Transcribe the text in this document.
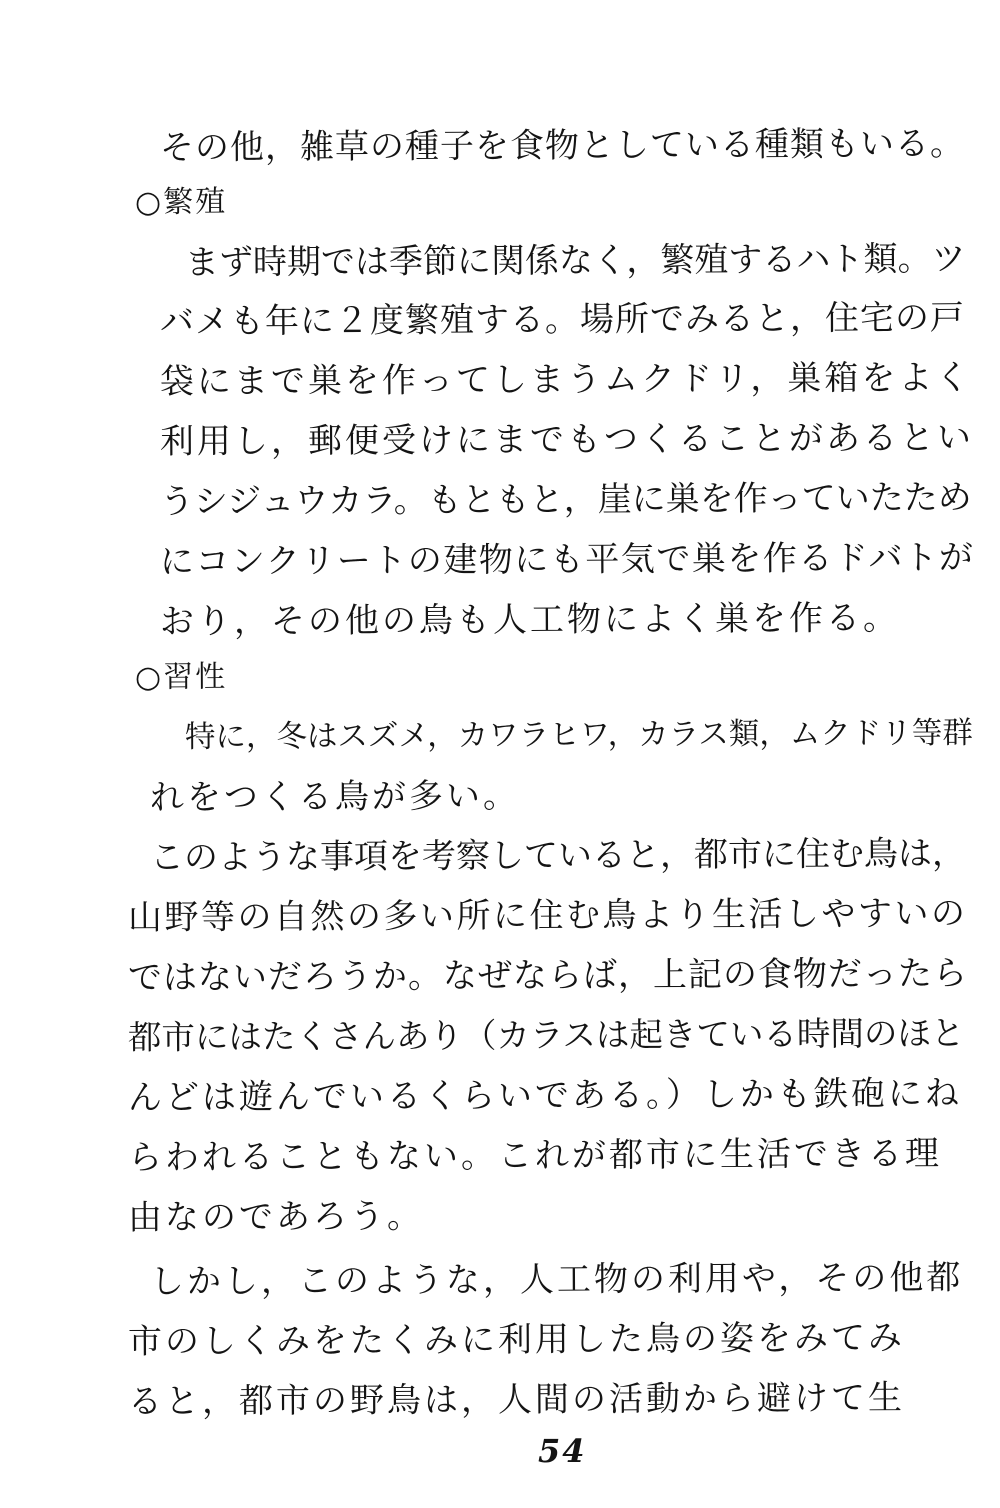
その他，雑草の種子を食物としている種類もいる。
○繁殖
まず時期では季節に関係なく，繁殖するハト類。ツ
バメも年に２度繁殖する。場所でみると，住宅の戸
袋にまで巣を作ってしまうムクドリ，巣箱をよく
利用し，郵便受けにまでもつくることがあるとい
うシジュウカラ。もともと，崖に巣を作っていたため
にコンクリートの建物にも平気で巣を作るドバトが
おり，その他の鳥も人工物によく巣を作る。
○習性
特に，冬はスズメ，カワラヒワ，カラス類，ムクドリ等群
れをつくる鳥が多い。
このような事項を考察していると，都市に住む鳥は，
山野等の自然の多い所に住む鳥より生活しやすいの
ではないだろうか。なぜならば，上記の食物だったら
都市にはたくさんあり（カラスは起きている時間のほと
んどは遊んでいるくらいである。）しかも鉄砲にね
らわれることもない。これが都市に生活できる理
由なのであろう。
しかし，このような，人工物の利用や，その他都
市のしくみをたくみに利用した鳥の姿をみてみ
ると，都市の野鳥は，人間の活動から避けて生
54
